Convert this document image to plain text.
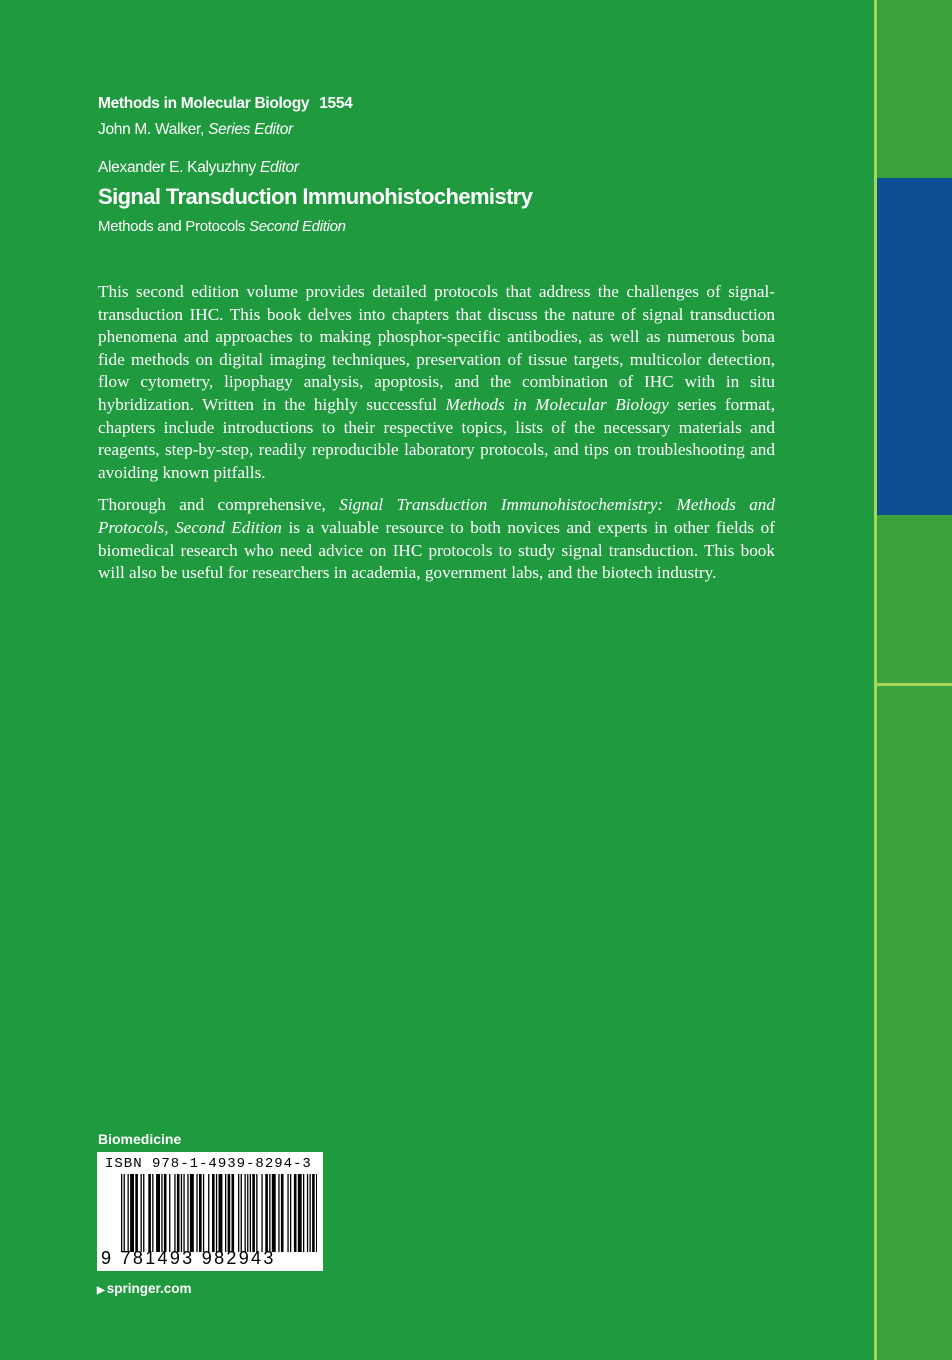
Methods in Molecular Biology 1554
John M. Walker, Series Editor
Alexander E. Kalyuzhny Editor
Signal Transduction Immunohistochemistry
Methods and Protocols Second Edition

This second edition volume provides detailed protocols that address the challenges of signal-transduction IHC. This book delves into chapters that discuss the nature of signal transduction phenomena and approaches to making phosphor-specific antibodies, as well as numerous bona fide methods on digital imaging techniques, preservation of tissue targets, multicolor detection, flow cytometry, lipophagy analysis, apoptosis, and the combination of IHC with in situ hybridization. Written in the highly successful Methods in Molecular Biology series format, chapters include introductions to their respective topics, lists of the necessary materials and reagents, step-by-step, readily reproducible laboratory protocols, and tips on troubleshooting and avoiding known pitfalls.

Thorough and comprehensive, Signal Transduction Immunohistochemistry: Methods and Protocols, Second Edition is a valuable resource to both novices and experts in other fields of biomedical research who need advice on IHC protocols to study signal transduction. This book will also be useful for researchers in academia, government labs, and the biotech industry.

Biomedicine
ISBN 978-1-4939-8294-3
9 781493 982943
▶ springer.com
